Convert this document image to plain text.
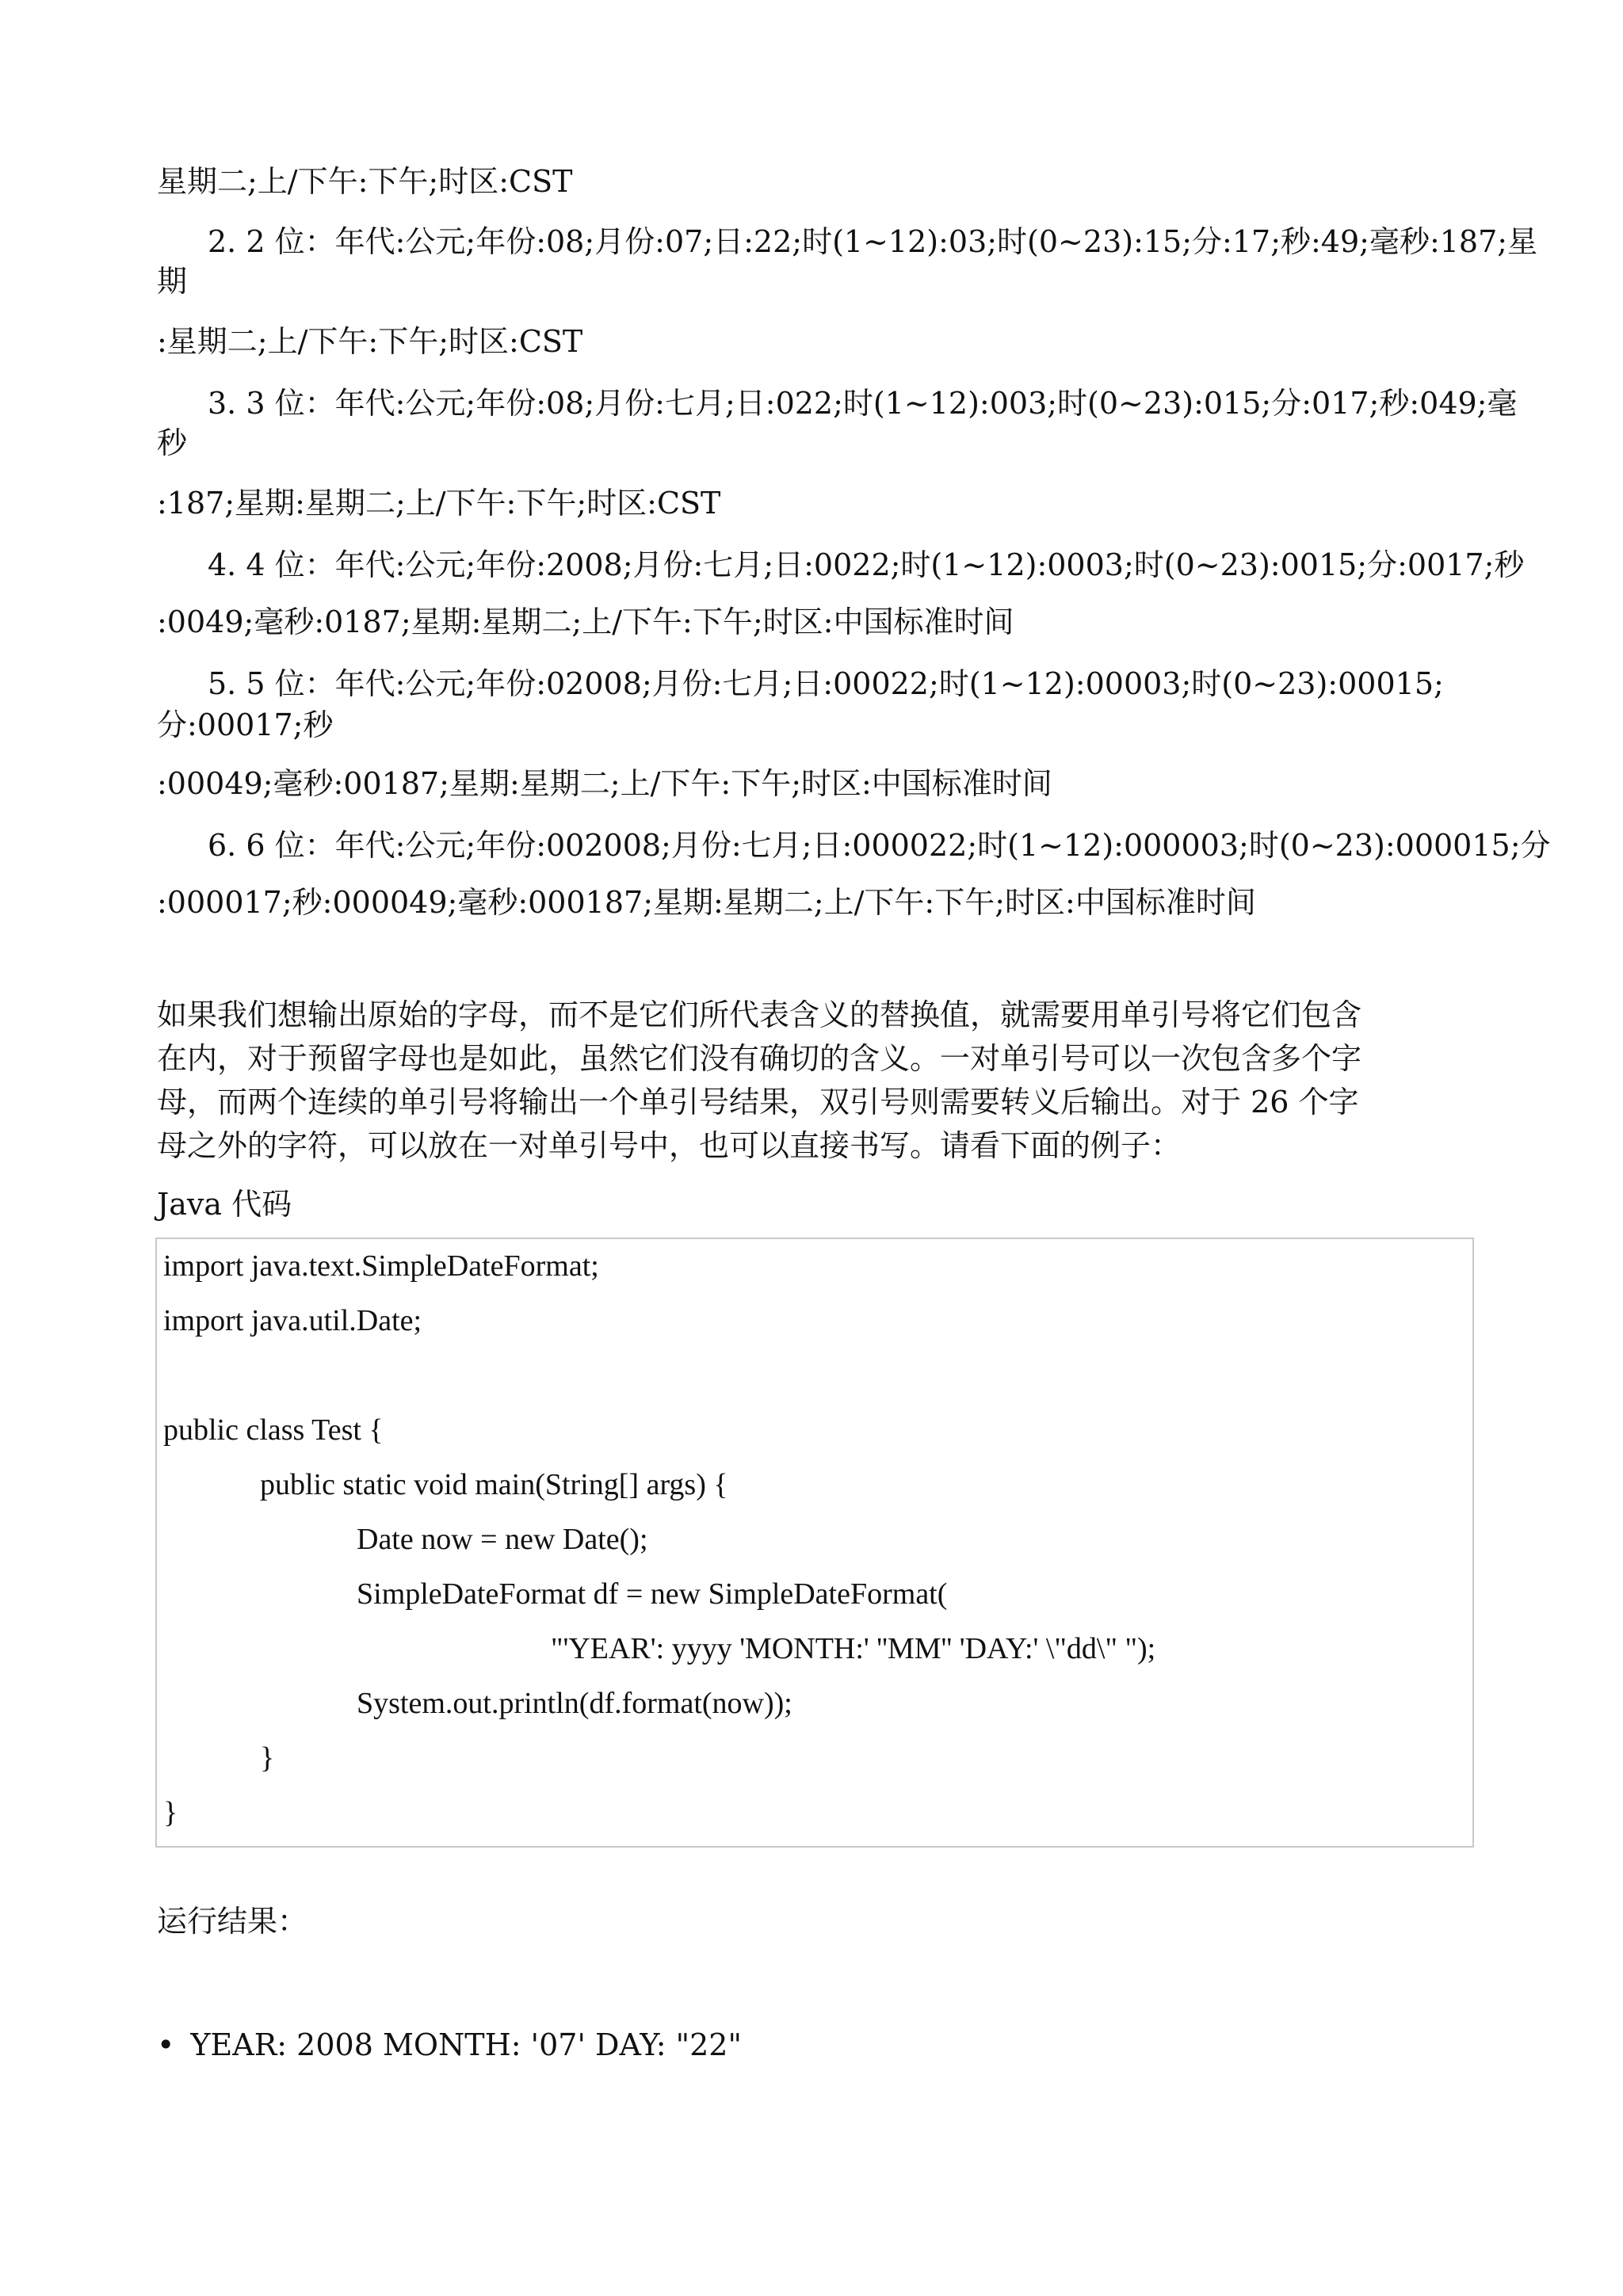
星期二;上/下午:下午;时区:CST
2. 2 位：年代:公元;年份:08;月份:07;日:22;时(1~12):03;时(0~23):15;分:17;秒:49;毫秒:187;星
期
:星期二;上/下午:下午;时区:CST
3. 3 位：年代:公元;年份:08;月份:七月;日:022;时(1~12):003;时(0~23):015;分:017;秒:049;毫
秒
:187;星期:星期二;上/下午:下午;时区:CST
4. 4 位：年代:公元;年份:2008;月份:七月;日:0022;时(1~12):0003;时(0~23):0015;分:0017;秒
:0049;毫秒:0187;星期:星期二;上/下午:下午;时区:中国标准时间
5. 5 位：年代:公元;年份:02008;月份:七月;日:00022;时(1~12):00003;时(0~23):00015;
分:00017;秒
:00049;毫秒:00187;星期:星期二;上/下午:下午;时区:中国标准时间
6. 6 位：年代:公元;年份:002008;月份:七月;日:000022;时(1~12):000003;时(0~23):000015;分
:000017;秒:000049;毫秒:000187;星期:星期二;上/下午:下午;时区:中国标准时间
如果我们想输出原始的字母，而不是它们所代表含义的替换值，就需要用单引号将它们包含
在内，对于预留字母也是如此，虽然它们没有确切的含义。一对单引号可以一次包含多个字
母，而两个连续的单引号将输出一个单引号结果，双引号则需要转义后输出。对于 26 个字
母之外的字符，可以放在一对单引号中，也可以直接书写。请看下面的例子：
Java 代码
import java.text.SimpleDateFormat;
import java.util.Date;
public class Test {
public static void main(String[] args) {
Date now = new Date();
SimpleDateFormat df = new SimpleDateFormat(
"'YEAR': yyyy 'MONTH:' ''MM'' 'DAY:' \"dd\" ");
System.out.println(df.format(now));
}
}
运行结果：
• YEAR: 2008 MONTH: '07' DAY: "22"
